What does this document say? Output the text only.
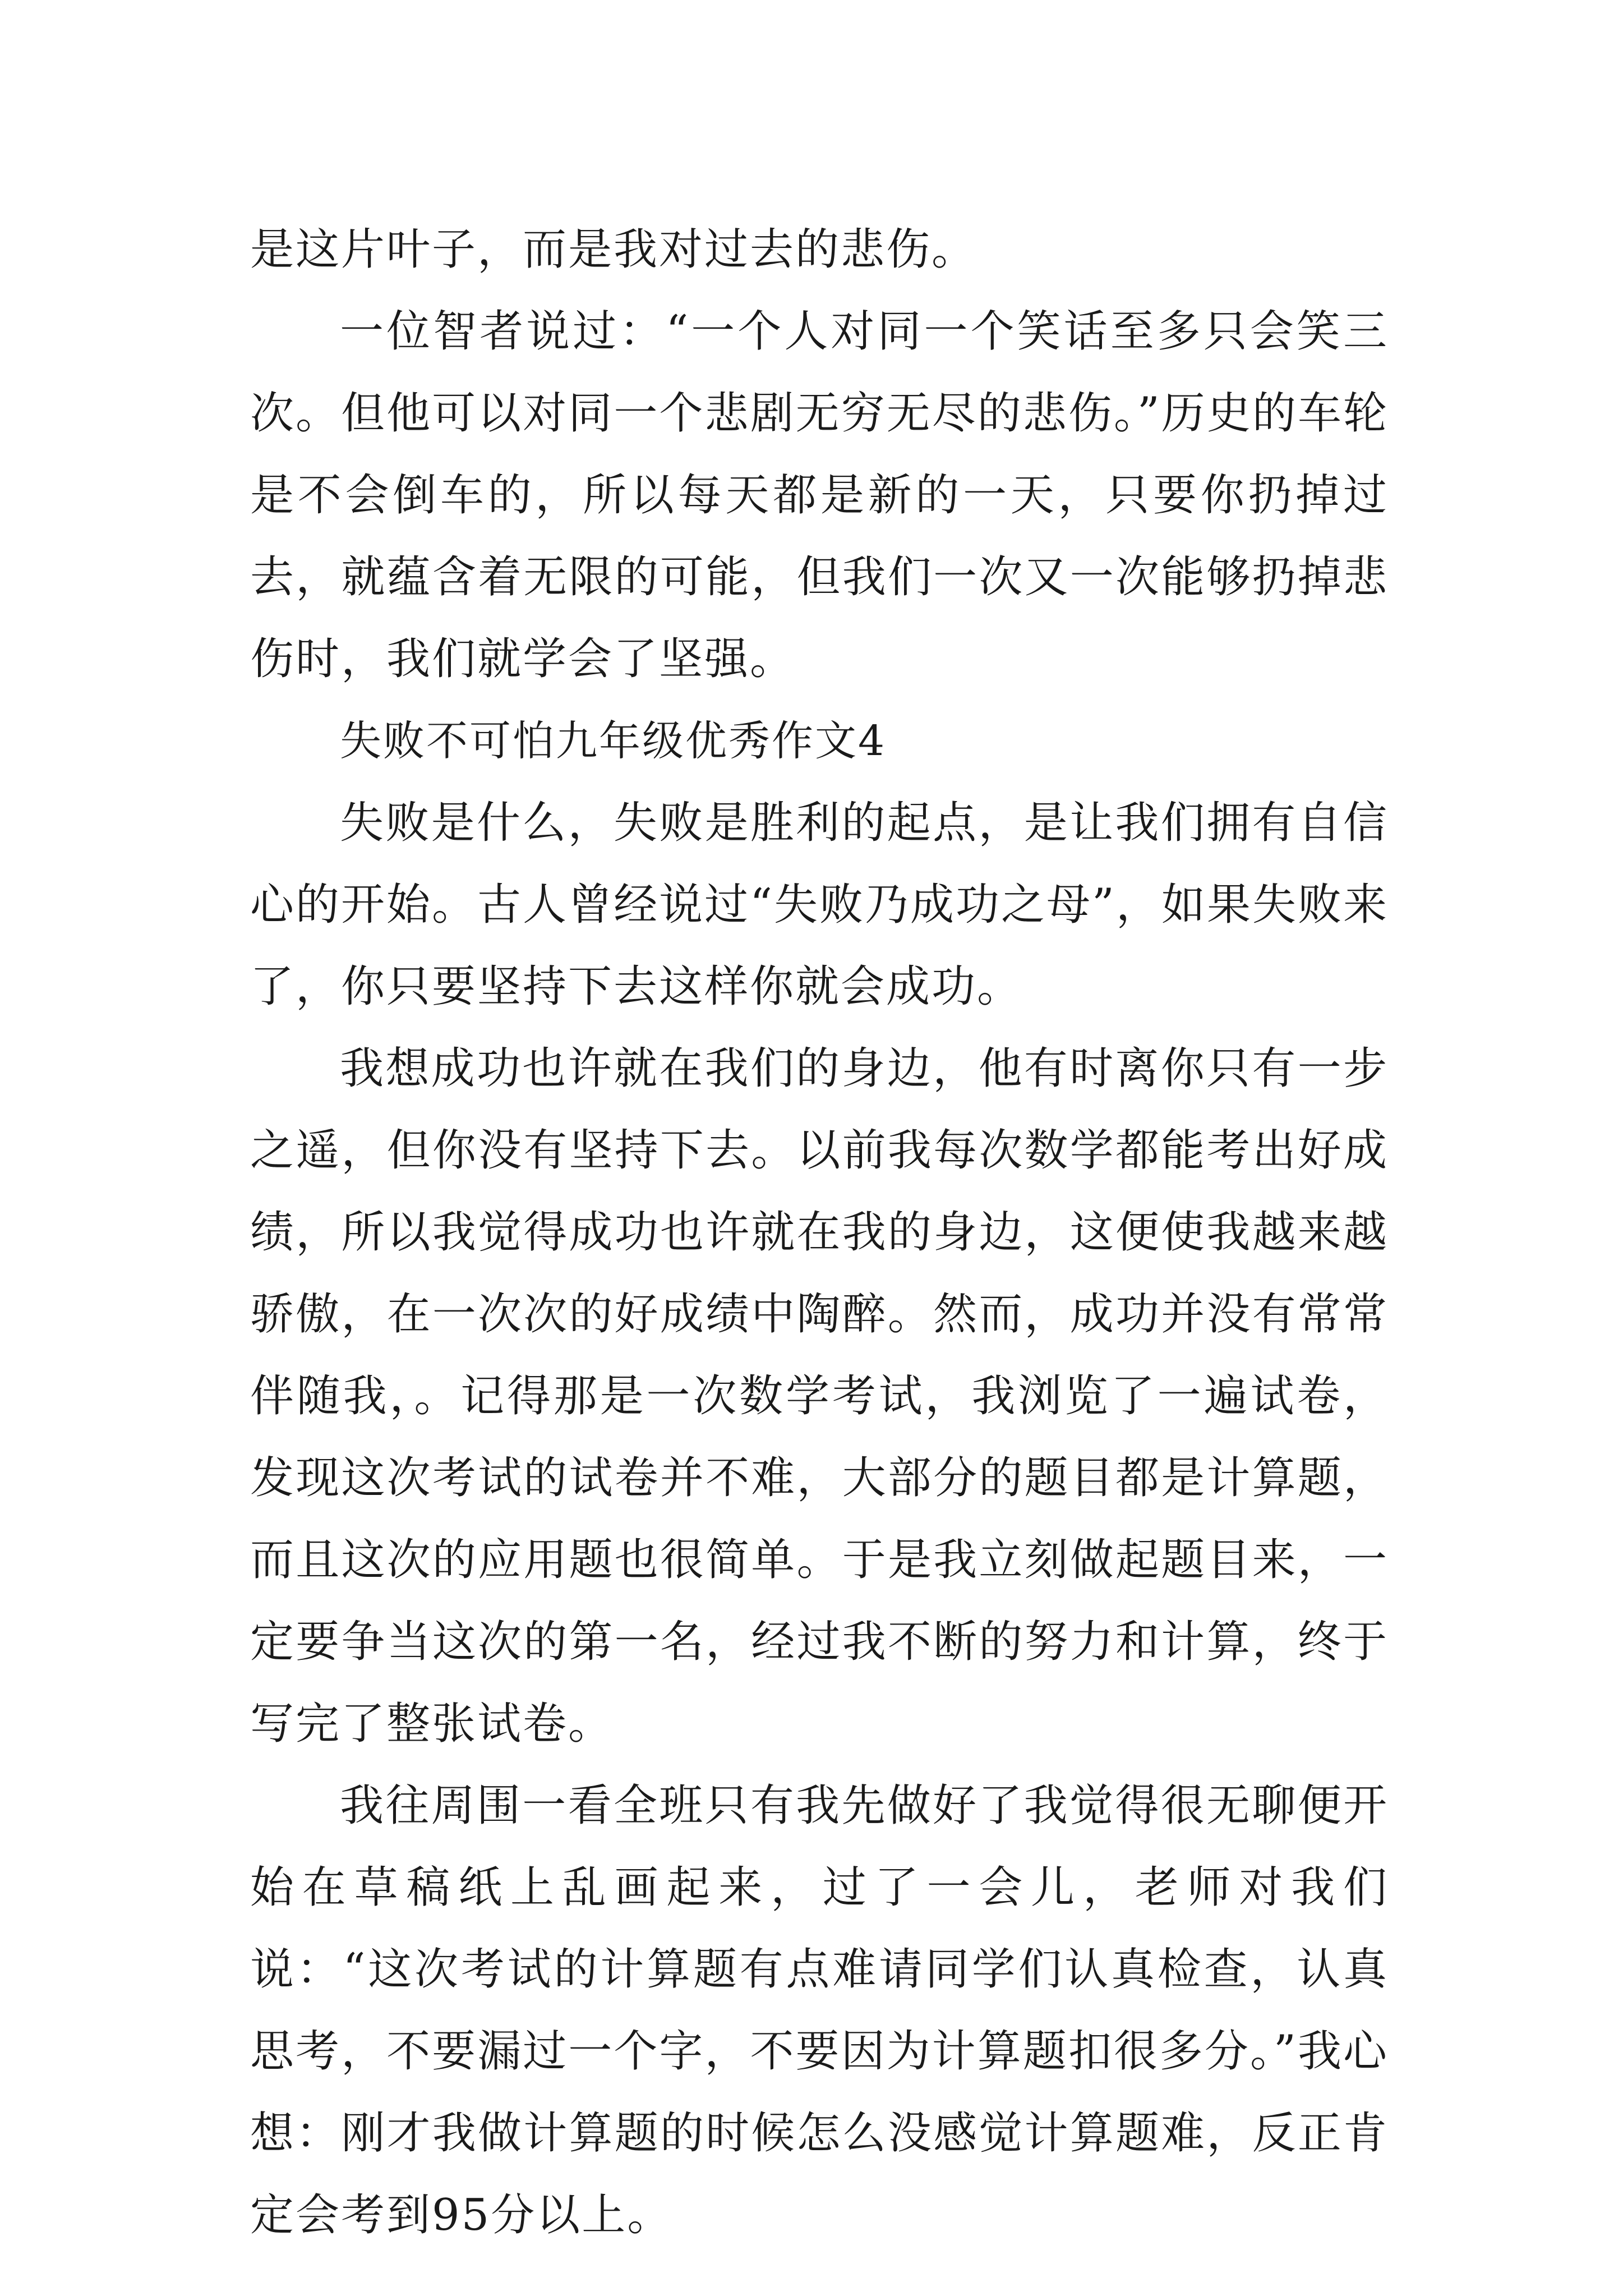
是这片叶子，而是我对过去的悲伤。

一位智者说过：“一个人对同一个笑话至多只会笑三次。但他可以对同一个悲剧无穷无尽的悲伤。”历史的车轮是不会倒车的，所以每天都是新的一天，只要你扔掉过去，就蕴含着无限的可能，但我们一次又一次能够扔掉悲伤时，我们就学会了坚强。

失败不可怕九年级优秀作文4

失败是什么，失败是胜利的起点，是让我们拥有自信心的开始。古人曾经说过“失败乃成功之母”，如果失败来了，你只要坚持下去这样你就会成功。

我想成功也许就在我们的身边，他有时离你只有一步之遥，但你没有坚持下去。以前我每次数学都能考出好成绩，所以我觉得成功也许就在我的身边，这便使我越来越骄傲，在一次次的好成绩中陶醉。然而，成功并没有常常伴随我，。记得那是一次数学考试，我浏览了一遍试卷，发现这次考试的试卷并不难，大部分的题目都是计算题，而且这次的应用题也很简单。于是我立刻做起题目来，一定要争当这次的第一名，经过我不断的努力和计算，终于写完了整张试卷。

我往周围一看全班只有我先做好了我觉得很无聊便开始在草稿纸上乱画起来，过了一会儿，老师对我们说：“这次考试的计算题有点难请同学们认真检查，认真思考，不要漏过一个字，不要因为计算题扣很多分。”我心想：刚才我做计算题的时候怎么没感觉计算题难，反正肯定会考到95分以上。
